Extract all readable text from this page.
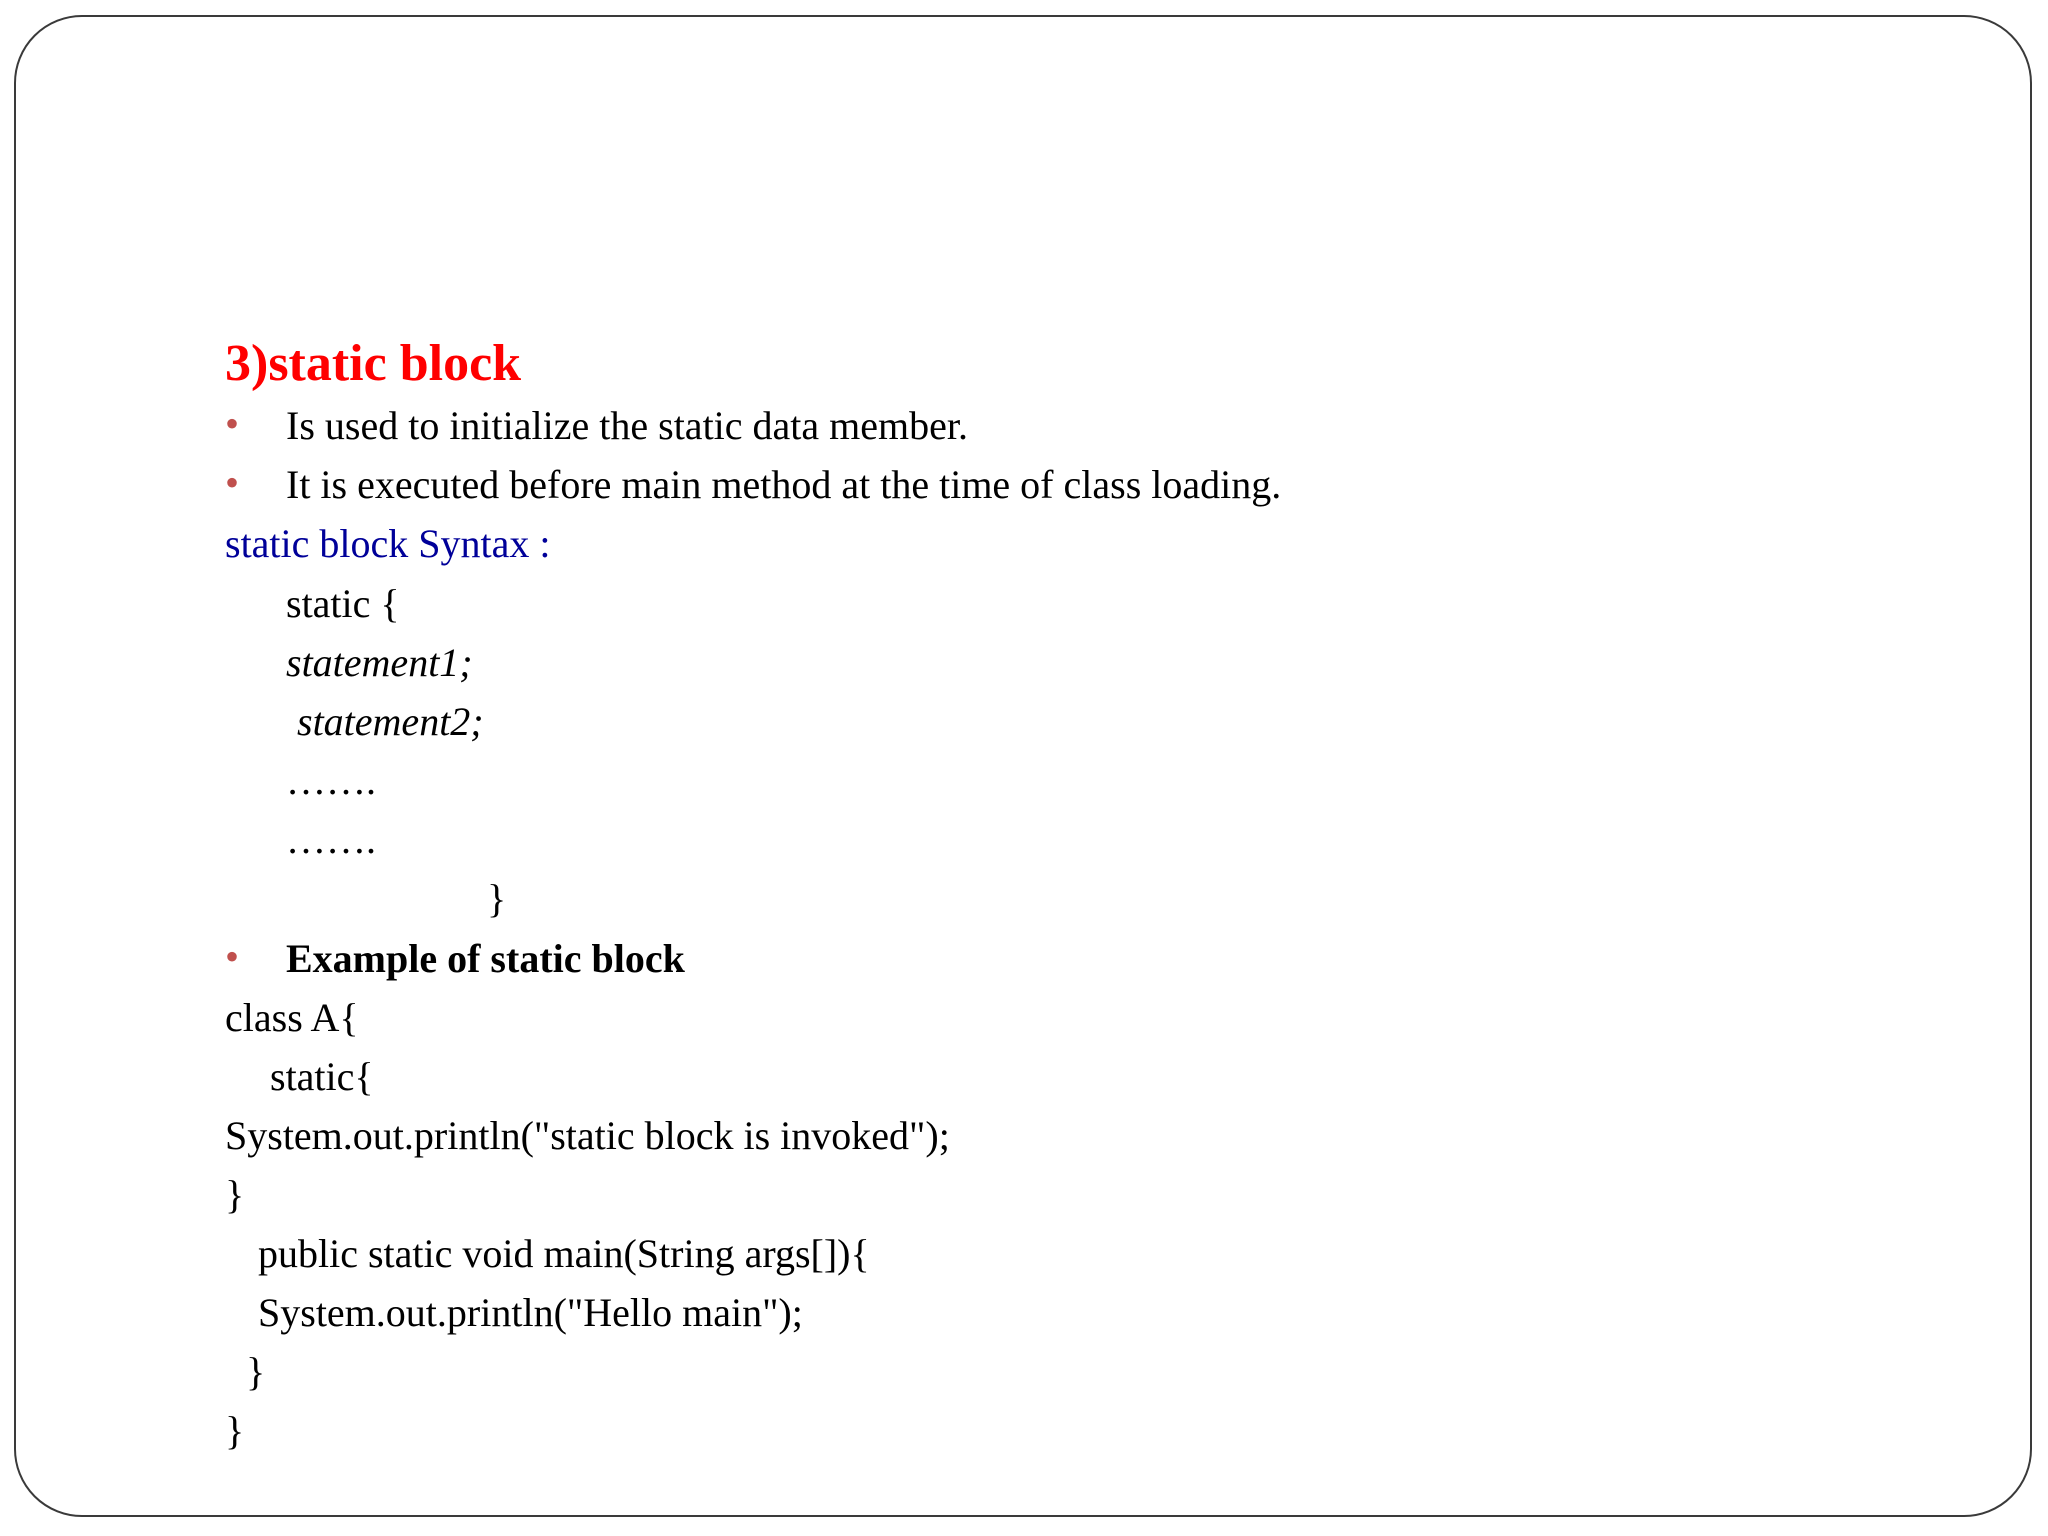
3)static block
• Is used to initialize the static data member.
• It is executed before main method at the time of class loading.
static block Syntax :
static {
statement1;
statement2;
…….
…….
}
• Example of static block
class A{
static{
System.out.println("static block is invoked");
}
public static void main(String args[]){
System.out.println("Hello main");
}
}
